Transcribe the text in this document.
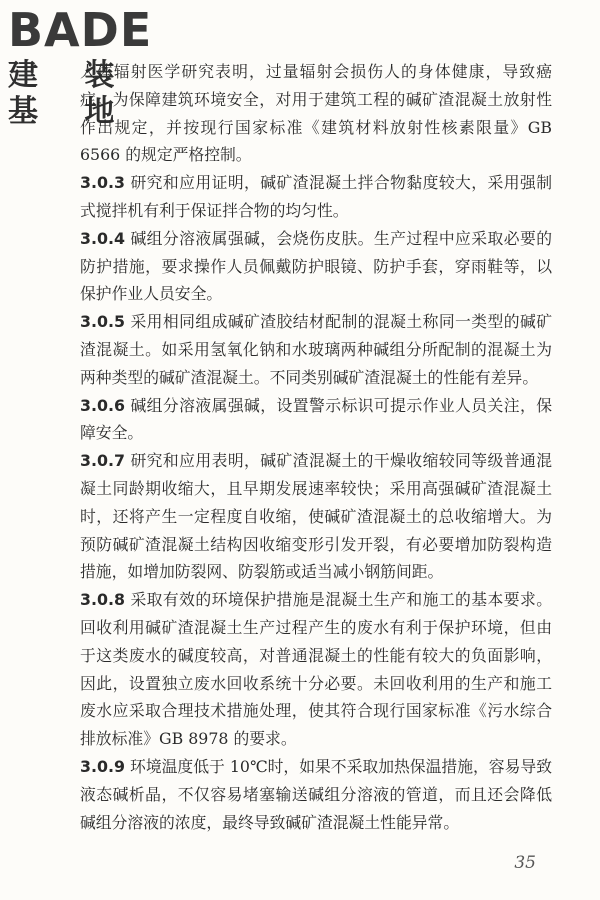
BADE
建 装 基 地

人体辐射医学研究表明，过量辐射会损伤人的身体健康，导致癌症。为保障建筑环境安全，对用于建筑工程的碱矿渣混凝土放射性作出规定，并按现行国家标准《建筑材料放射性核素限量》GB 6566 的规定严格控制。

3.0.3 研究和应用证明，碱矿渣混凝土拌合物黏度较大，采用强制式搅拌机有利于保证拌合物的均匀性。

3.0.4 碱组分溶液属强碱，会烧伤皮肤。生产过程中应采取必要的防护措施，要求操作人员佩戴防护眼镜、防护手套，穿雨鞋等，以保护作业人员安全。

3.0.5 采用相同组成碱矿渣胶结材配制的混凝土称同一类型的碱矿渣混凝土。如采用氢氧化钠和水玻璃两种碱组分所配制的混凝土为两种类型的碱矿渣混凝土。不同类别碱矿渣混凝土的性能有差异。

3.0.6 碱组分溶液属强碱，设置警示标识可提示作业人员关注，保障安全。

3.0.7 研究和应用表明，碱矿渣混凝土的干燥收缩较同等级普通混凝土同龄期收缩大，且早期发展速率较快；采用高强碱矿渣混凝土时，还将产生一定程度自收缩，使碱矿渣混凝土的总收缩增大。为预防碱矿渣混凝土结构因收缩变形引发开裂，有必要增加防裂构造措施，如增加防裂网、防裂筋或适当减小钢筋间距。

3.0.8 采取有效的环境保护措施是混凝土生产和施工的基本要求。回收利用碱矿渣混凝土生产过程产生的废水有利于保护环境，但由于这类废水的碱度较高，对普通混凝土的性能有较大的负面影响，因此，设置独立废水回收系统十分必要。未回收利用的生产和施工废水应采取合理技术措施处理，使其符合现行国家标准《污水综合排放标准》GB 8978 的要求。

3.0.9 环境温度低于 10℃时，如果不采取加热保温措施，容易导致液态碱析晶，不仅容易堵塞输送碱组分溶液的管道，而且还会降低碱组分溶液的浓度，最终导致碱矿渣混凝土性能异常。

35
